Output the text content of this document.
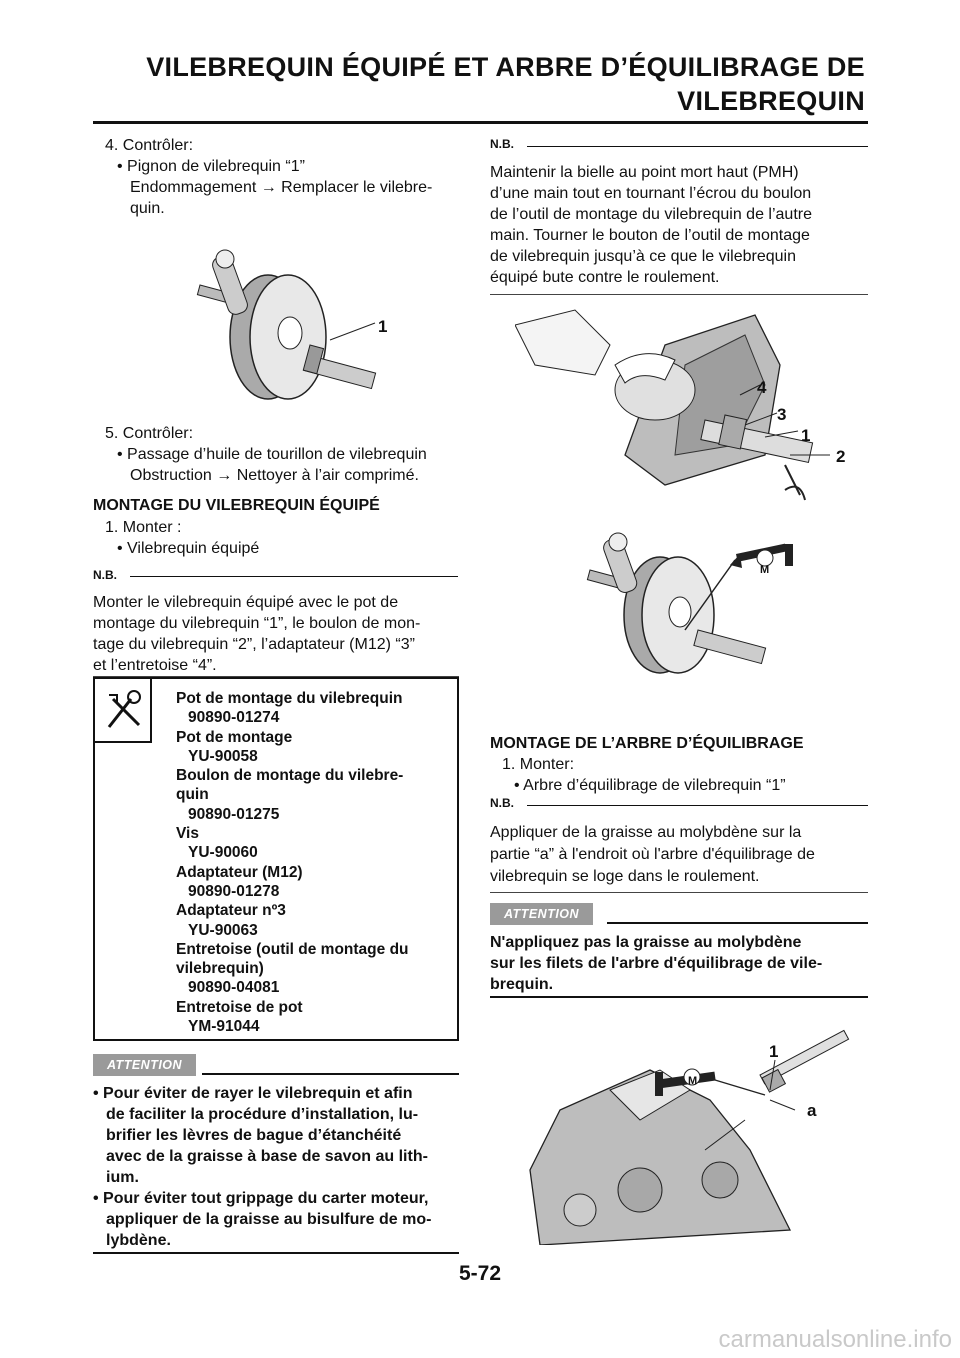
VILEBREQUIN ÉQUIPÉ ET ARBRE D’ÉQUILIBRAGE DE
VILEBREQUIN
4. Contrôler:
• Pignon de vilebrequin “1”
Endommagement → Remplacer le vilebre-
quin.
1
5. Contrôler:
• Passage d’huile de tourillon de vilebrequin
Obstruction → Nettoyer à l’air comprimé.
MONTAGE DU VILEBREQUIN ÉQUIPÉ
1. Monter :
• Vilebrequin équipé
N.B.
Monter le vilebrequin équipé avec le pot de
montage du vilebrequin “1”, le boulon de mon-
tage du vilebrequin “2”, l’adaptateur (M12) “3”
et l’entretoise “4”.
Pot de montage du vilebrequin
90890-01274
Pot de montage
YU-90058
Boulon de montage du vilebre-
quin
90890-01275
Vis
YU-90060
Adaptateur (M12)
90890-01278
Adaptateur nº3
YU-90063
Entretoise (outil de montage du
vilebrequin)
90890-04081
Entretoise de pot
YM-91044
ATTENTION
• Pour éviter de rayer le vilebrequin et afin
de faciliter la procédure d’installation, lu-
brifier les lèvres de bague d’étanchéité
avec de la graisse à base de savon au lith-
ium.
• Pour éviter tout grippage du carter moteur,
appliquer de la graisse au bisulfure de mo-
lybdène.
N.B.
Maintenir la bielle au point mort haut (PMH)
d’une main tout en tournant l’écrou du boulon
de l’outil de montage du vilebrequin de l’autre
main. Tourner le bouton de l’outil de montage
de vilebrequin jusqu’à ce que le vilebrequin
équipé bute contre le roulement.
4
3
1
2
M
MONTAGE DE L’ARBRE D’ÉQUILIBRAGE
1. Monter:
• Arbre d’équilibrage de vilebrequin “1”
N.B.
Appliquer de la graisse au molybdène sur la
partie “a” à l'endroit où l'arbre d'équilibrage de
vilebrequin se loge dans le roulement.
ATTENTION
N'appliquez pas la graisse au molybdène
sur les filets de l'arbre d'équilibrage de vile-
brequin.
1
a
M
5-72
carmanualsonline.info
